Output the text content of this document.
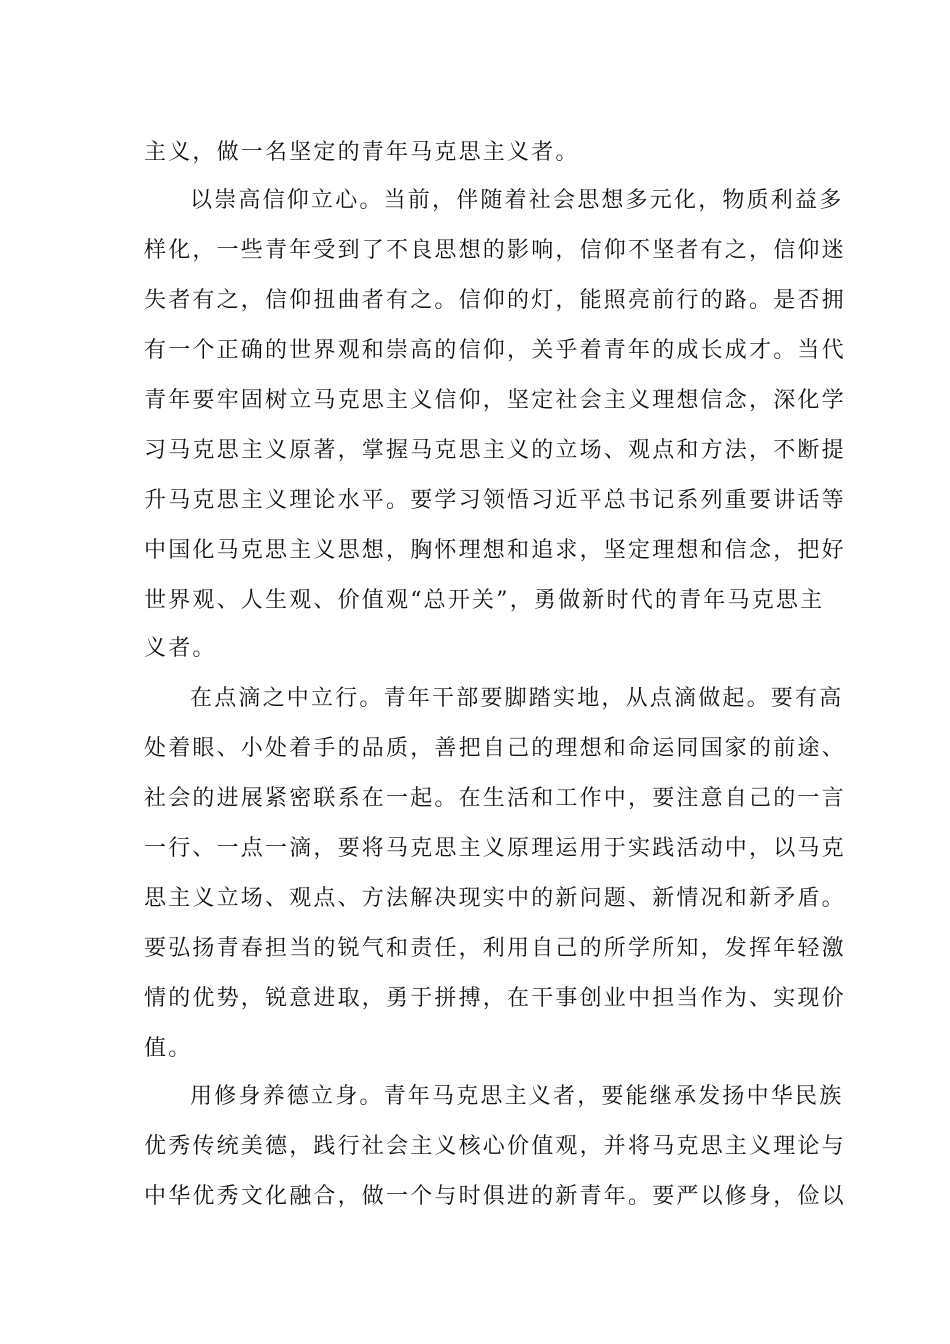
主义，做一名坚定的青年马克思主义者。
以崇高信仰立心。当前，伴随着社会思想多元化，物质利益多
样化，一些青年受到了不良思想的影响，信仰不坚者有之，信仰迷
失者有之，信仰扭曲者有之。信仰的灯，能照亮前行的路。是否拥
有一个正确的世界观和崇高的信仰，关乎着青年的成长成才。当代
青年要牢固树立马克思主义信仰，坚定社会主义理想信念，深化学
习马克思主义原著，掌握马克思主义的立场、观点和方法，不断提
升马克思主义理论水平。要学习领悟习近平总书记系列重要讲话等
中国化马克思主义思想，胸怀理想和追求，坚定理想和信念，把好
世界观、人生观、价值观“总开关”，勇做新时代的青年马克思主
义者。
在点滴之中立行。青年干部要脚踏实地，从点滴做起。要有高
处着眼、小处着手的品质，善把自己的理想和命运同国家的前途、
社会的进展紧密联系在一起。在生活和工作中，要注意自己的一言
一行、一点一滴，要将马克思主义原理运用于实践活动中，以马克
思主义立场、观点、方法解决现实中的新问题、新情况和新矛盾。
要弘扬青春担当的锐气和责任，利用自己的所学所知，发挥年轻激
情的优势，锐意进取，勇于拼搏，在干事创业中担当作为、实现价
值。
用修身养德立身。青年马克思主义者，要能继承发扬中华民族
优秀传统美德，践行社会主义核心价值观，并将马克思主义理论与
中华优秀文化融合，做一个与时俱进的新青年。要严以修身，俭以
